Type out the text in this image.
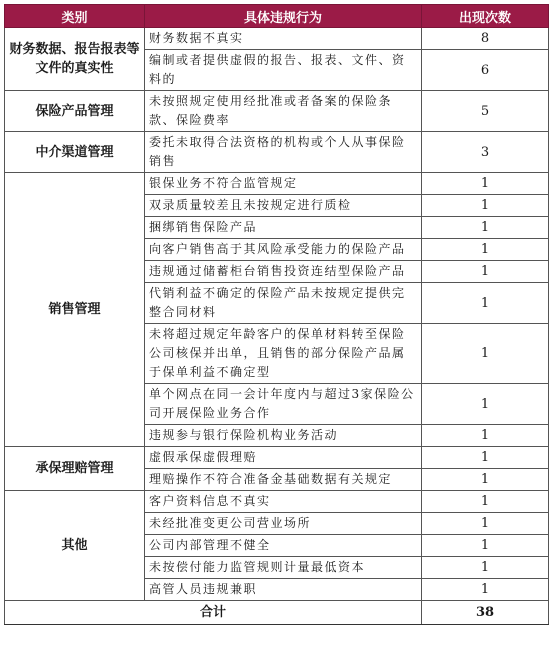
类别	具体违规行为	出现次数
财务数据、报告报表等文件的真实性	财务数据不真实	8
	编制或者提供虚假的报告、报表、文件、资料的	6
保险产品管理	未按照规定使用经批准或者备案的保险条款、保险费率	5
中介渠道管理	委托未取得合法资格的机构或个人从事保险销售	3
销售管理	银保业务不符合监管规定	1
	双录质量较差且未按规定进行质检	1
	捆绑销售保险产品	1
	向客户销售高于其风险承受能力的保险产品	1
	违规通过储蓄柜台销售投资连结型保险产品	1
	代销利益不确定的保险产品未按规定提供完整合同材料	1
	未将超过规定年龄客户的保单材料转至保险公司核保并出单，且销售的部分保险产品属于保单利益不确定型	1
	单个网点在同一会计年度内与超过3家保险公司开展保险业务合作	1
	违规参与银行保险机构业务活动	1
承保理赔管理	虚假承保虚假理赔	1
	理赔操作不符合准备金基础数据有关规定	1
其他	客户资料信息不真实	1
	未经批准变更公司营业场所	1
	公司内部管理不健全	1
	未按偿付能力监管规则计量最低资本	1
	高管人员违规兼职	1
合计		38
